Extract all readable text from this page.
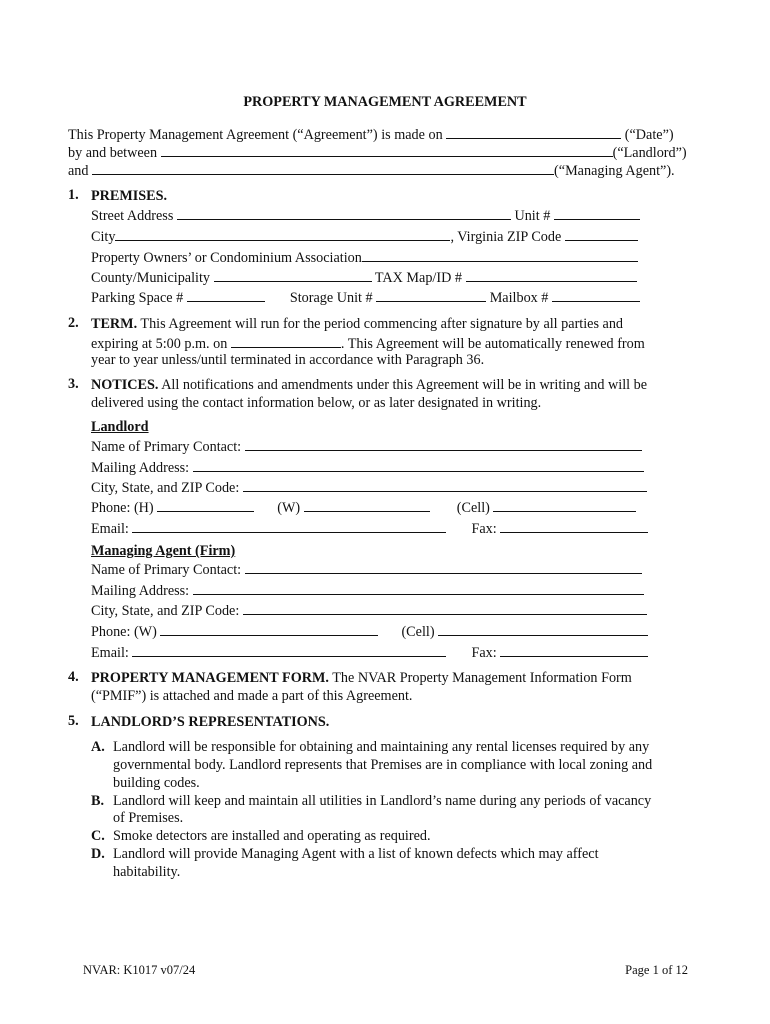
PROPERTY MANAGEMENT AGREEMENT
This Property Management Agreement (“Agreement”) is made on	(“Date”)
by and between	(“Landlord”)
and	(“Managing Agent”).
1. PREMISES.
Street Address	Unit #
City	, Virginia ZIP Code
Property Owners’ or Condominium Association
County/Municipality	TAX Map/ID #
Parking Space #	Storage Unit #	Mailbox #
2. TERM. This Agreement will run for the period commencing after signature by all parties and
expiring at 5:00 p.m. on	. This Agreement will be automatically renewed from
year to year unless/until terminated in accordance with Paragraph 36.
3. NOTICES. All notifications and amendments under this Agreement will be in writing and will be
delivered using the contact information below, or as later designated in writing.
Landlord
Name of Primary Contact:
Mailing Address:
City, State, and ZIP Code:
Phone: (H)	(W)	(Cell)
Email:	Fax:
Managing Agent (Firm)
Name of Primary Contact:
Mailing Address:
City, State, and ZIP Code:
Phone: (W)	(Cell)
Email:	Fax:
4. PROPERTY MANAGEMENT FORM. The NVAR Property Management Information Form
(“PMIF”) is attached and made a part of this Agreement.
5. LANDLORD’S REPRESENTATIONS.
A. Landlord will be responsible for obtaining and maintaining any rental licenses required by any
governmental body. Landlord represents that Premises are in compliance with local zoning and
building codes.
B. Landlord will keep and maintain all utilities in Landlord’s name during any periods of vacancy
of Premises.
C. Smoke detectors are installed and operating as required.
D. Landlord will provide Managing Agent with a list of known defects which may affect
habitability.
NVAR: K1017 v07/24	Page 1 of 12
